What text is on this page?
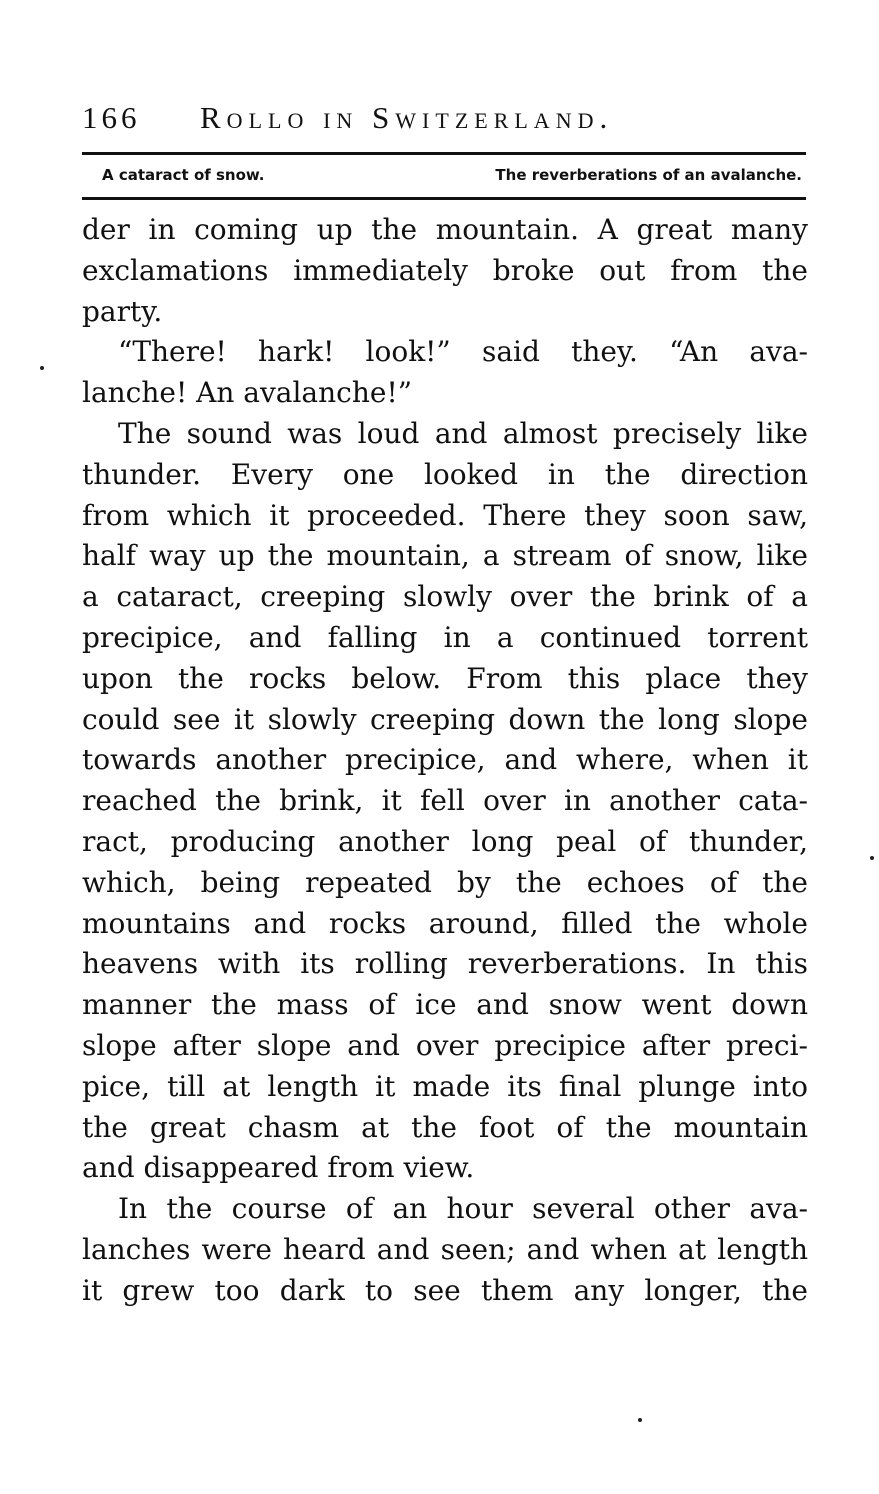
166 Rollo in Switzerland.
A cataract of snow.	The reverberations of an avalanche.
der in coming up the mountain. A great many
exclamations immediately broke out from the
party.
“There! hark! look!” said they. “An ava-
lanche! An avalanche!”
The sound was loud and almost precisely like
thunder. Every one looked in the direction
from which it proceeded. There they soon saw,
half way up the mountain, a stream of snow, like
a cataract, creeping slowly over the brink of a
precipice, and falling in a continued torrent
upon the rocks below. From this place they
could see it slowly creeping down the long slope
towards another precipice, and where, when it
reached the brink, it fell over in another cata-
ract, producing another long peal of thunder,
which, being repeated by the echoes of the
mountains and rocks around, filled the whole
heavens with its rolling reverberations. In this
manner the mass of ice and snow went down
slope after slope and over precipice after preci-
pice, till at length it made its final plunge into
the great chasm at the foot of the mountain
and disappeared from view.
In the course of an hour several other ava-
lanches were heard and seen; and when at length
it grew too dark to see them any longer, the
